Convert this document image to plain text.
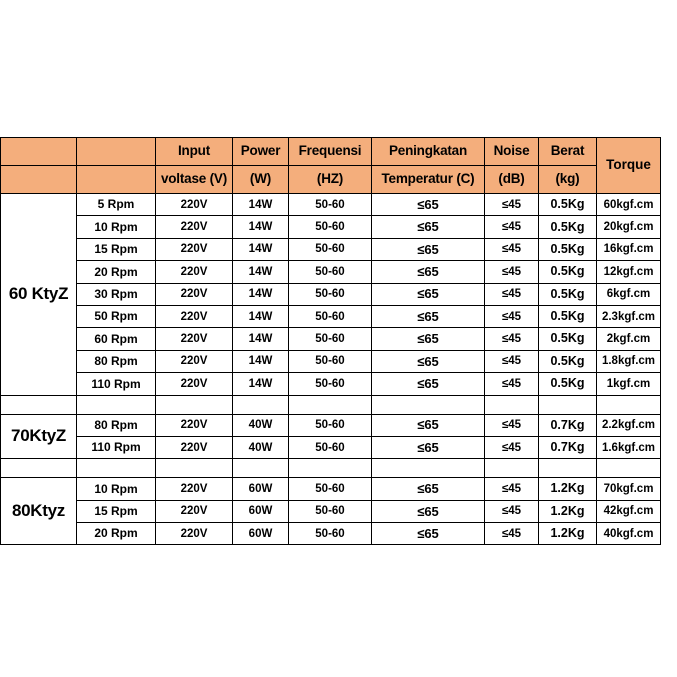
		Input	Power	Frequensi	Peningkatan	Noise	Berat	Torque
		voltase (V)	(W)	(HZ)	Temperatur (C)	(dB)	(kg)	
60 KtyZ	5 Rpm	220V	14W	50-60	≤65	≤45	0.5Kg	60kgf.cm
	10 Rpm	220V	14W	50-60	≤65	≤45	0.5Kg	20kgf.cm
	15 Rpm	220V	14W	50-60	≤65	≤45	0.5Kg	16kgf.cm
	20 Rpm	220V	14W	50-60	≤65	≤45	0.5Kg	12kgf.cm
	30 Rpm	220V	14W	50-60	≤65	≤45	0.5Kg	6kgf.cm
	50 Rpm	220V	14W	50-60	≤65	≤45	0.5Kg	2.3kgf.cm
	60 Rpm	220V	14W	50-60	≤65	≤45	0.5Kg	2kgf.cm
	80 Rpm	220V	14W	50-60	≤65	≤45	0.5Kg	1.8kgf.cm
	110 Rpm	220V	14W	50-60	≤65	≤45	0.5Kg	1kgf.cm

70KtyZ	80 Rpm	220V	40W	50-60	≤65	≤45	0.7Kg	2.2kgf.cm
	110 Rpm	220V	40W	50-60	≤65	≤45	0.7Kg	1.6kgf.cm

80Ktyz	10 Rpm	220V	60W	50-60	≤65	≤45	1.2Kg	70kgf.cm
	15 Rpm	220V	60W	50-60	≤65	≤45	1.2Kg	42kgf.cm
	20 Rpm	220V	60W	50-60	≤65	≤45	1.2Kg	40kgf.cm
